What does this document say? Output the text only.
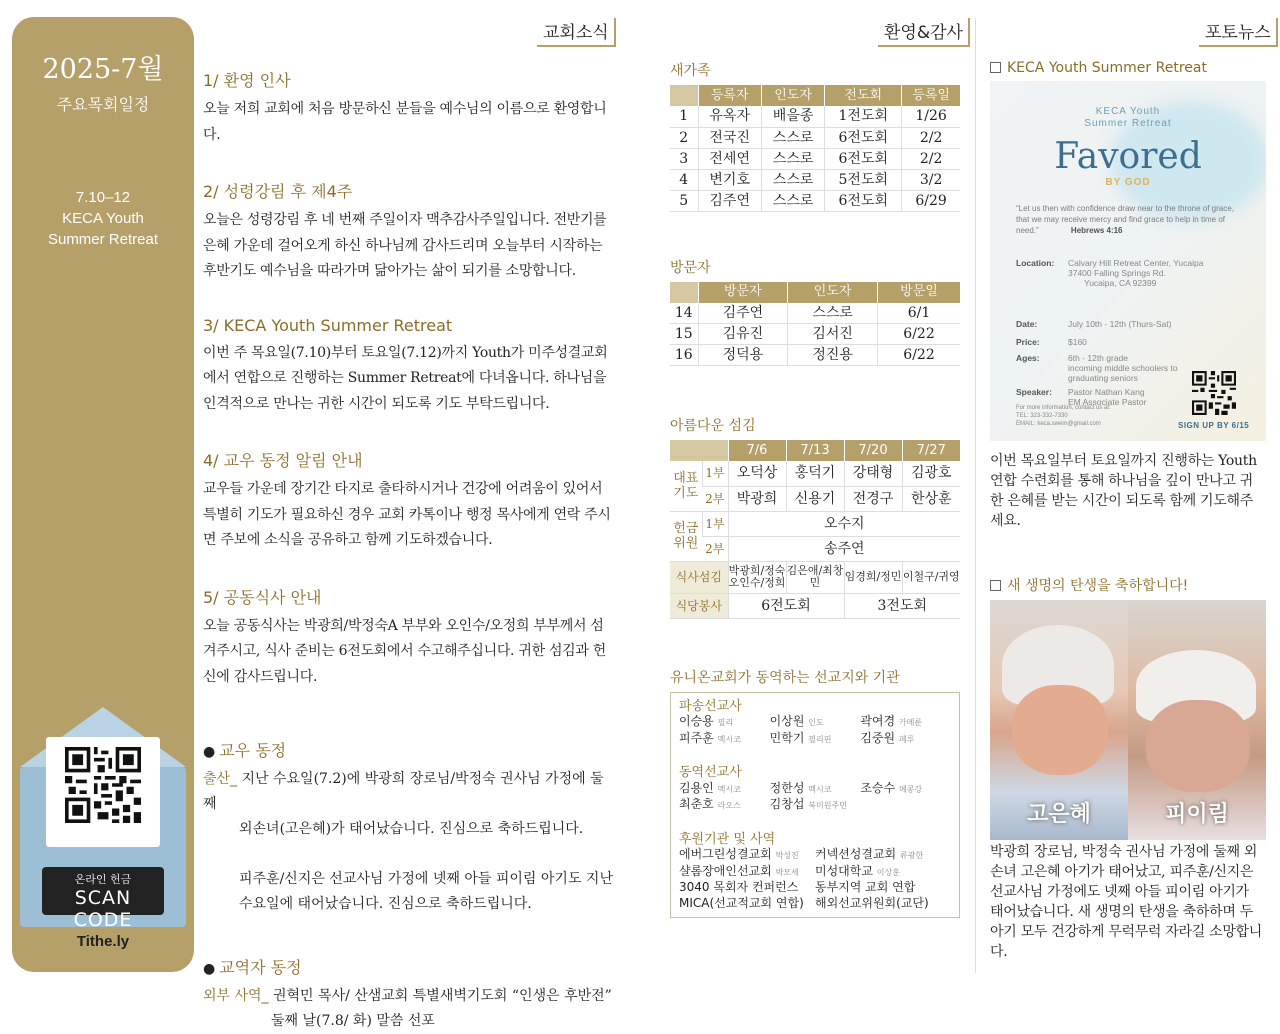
2025-7월
주요목회일정
7.10–12
KECA Youth
Summer Retreat
온라인 헌금
SCAN CODE
Tithe.ly
교회소식	환영&감사	포토뉴스
1/ 환영 인사

오늘 저희 교회에 처음 방문하신 분들을 예수님의 이름으로 환영합니다.

2/ 성령강림 후 제4주

오늘은 성령강림 후 네 번째 주일이자 맥추감사주일입니다. 전반기를 은혜 가운데 걸어오게 하신 하나님께 감사드리며 오늘부터 시작하는 후반기도 예수님을 따라가며 닮아가는 삶이 되기를 소망합니다.

3/ KECA Youth Summer Retreat

이번 주 목요일(7.10)부터 토요일(7.12)까지 Youth가 미주성결교회에서 연합으로 진행하는 Summer Retreat에 다녀옵니다. 하나님을 인격적으로 만나는 귀한 시간이 되도록 기도 부탁드립니다.

4/ 교우 동정 알림 안내

교우들 가운데 장기간 타지로 출타하시거나 건강에 어려움이 있어서 특별히 기도가 필요하신 경우 교회 카톡이나 행정 목사에게 연락 주시면 주보에 소식을 공유하고 함께 기도하겠습니다.

5/ 공동식사 안내

오늘 공동식사는 박광희/박정숙A 부부와 오인수/오정희 부부께서 섬겨주시고, 식사 준비는 6전도회에서 수고해주십니다. 귀한 섬김과 헌신에 감사드립니다.

● 교우 동정

출산_ 지난 수요일(7.2)에 박광희 장로님/박정숙 권사님 가정에 둘째
외손녀(고은혜)가 태어났습니다. 진심으로 축하드립니다.

피주훈/신지은 선교사님 가정에 넷째 아들 피이림 아기도 지난
수요일에 태어났습니다. 진심으로 축하드립니다.

● 교역자 동정

외부 사역_ 권혁민 목사/ 산샘교회 특별새벽기도회 “인생은 후반전”
둘째 날(7.8/ 화) 말씀 선포

새가족
	등록자	인도자	전도회	등록일
1	유옥자	배을종	1전도회	1/26
2	전국진	스스로	6전도회	2/2
3	전세연	스스로	6전도회	2/2
4	변기호	스스로	5전도회	3/2
5	김주연	스스로	6전도회	6/29
방문자
	방문자	인도자	방문일
14	김주연	스스로	6/1
15	김유진	김서진	6/22
16	정덕용	정진용	6/22
아름다운 섬김
		7/6	7/13	7/20	7/27
대표기도	1부	오덕상	홍덕기	강태형	김광호
	2부	박광희	신용기	전경구	한상훈
헌금위원	1부	오수지			
	2부	송주연			
식사섬김		박광희/정숙 오인수/정희	김은애/최창민	임경희/정민	이철구/귀영
식당봉사		6전도회		3전도회	
유니온교회가 동역하는 선교지와 기관
파송선교사
이승용 필리	이상원 인도	곽여경 카메룬
피주훈 멕시코	민학기 필리핀	김중원 페루
동역선교사
김용인 멕시코	정한성 멕시코	조승수 메콩강
최춘호 라오스	김창섭 북미원주민
후원기관 및 사역
에버그린성결교회 박성진	커넥션성결교회 류광한
샬롬장애인선교회 박모세	미성대학교 이상훈
3040 목회자 컨퍼런스	동부지역 교회 연합
MICA(선교적교회 연합) 해외선교위원회(교단)
KECA Youth Summer Retreat
KECA Youth
Summer Retreat
Favored
BY GOD
“Let us then with confidence draw near to the throne of grace, that we may receive mercy and find grace to help in time of need.”	Hebrews 4:16
Location: Calvary Hill Retreat Center, Yucaipa
37400 Falling Springs Rd.
Yucaipa, CA 92399
Date:	July 10th - 12th (Thurs-Sat)
Price:	$160
Ages:	6th - 12th grade

incoming middle schoolers to graduating seniors
Speaker: Pastor Nathan Kang
EM Associate Pastor
For more information, contact us at:
TEL: 323-332-7330
EMAIL: keca.swem@gmail.com	SIGN UP BY 6/15

이번 목요일부터 토요일까지 진행하는 Youth 연합 수련회를 통해 하나님을 깊이 만나고 귀한 은혜를 받는 시간이 되도록 함께 기도해주세요.

새 생명의 탄생을 축하합니다!
고은혜	피이림

박광희 장로님, 박정숙 권사님 가정에 둘째 외손녀 고은혜 아기가 태어났고, 피주훈/신지은 선교사님 가정에도 넷째 아들 피이림 아기가 태어났습니다. 새 생명의 탄생을 축하하며 두 아기 모두 건강하게 무럭무럭 자라길 소망합니다.
